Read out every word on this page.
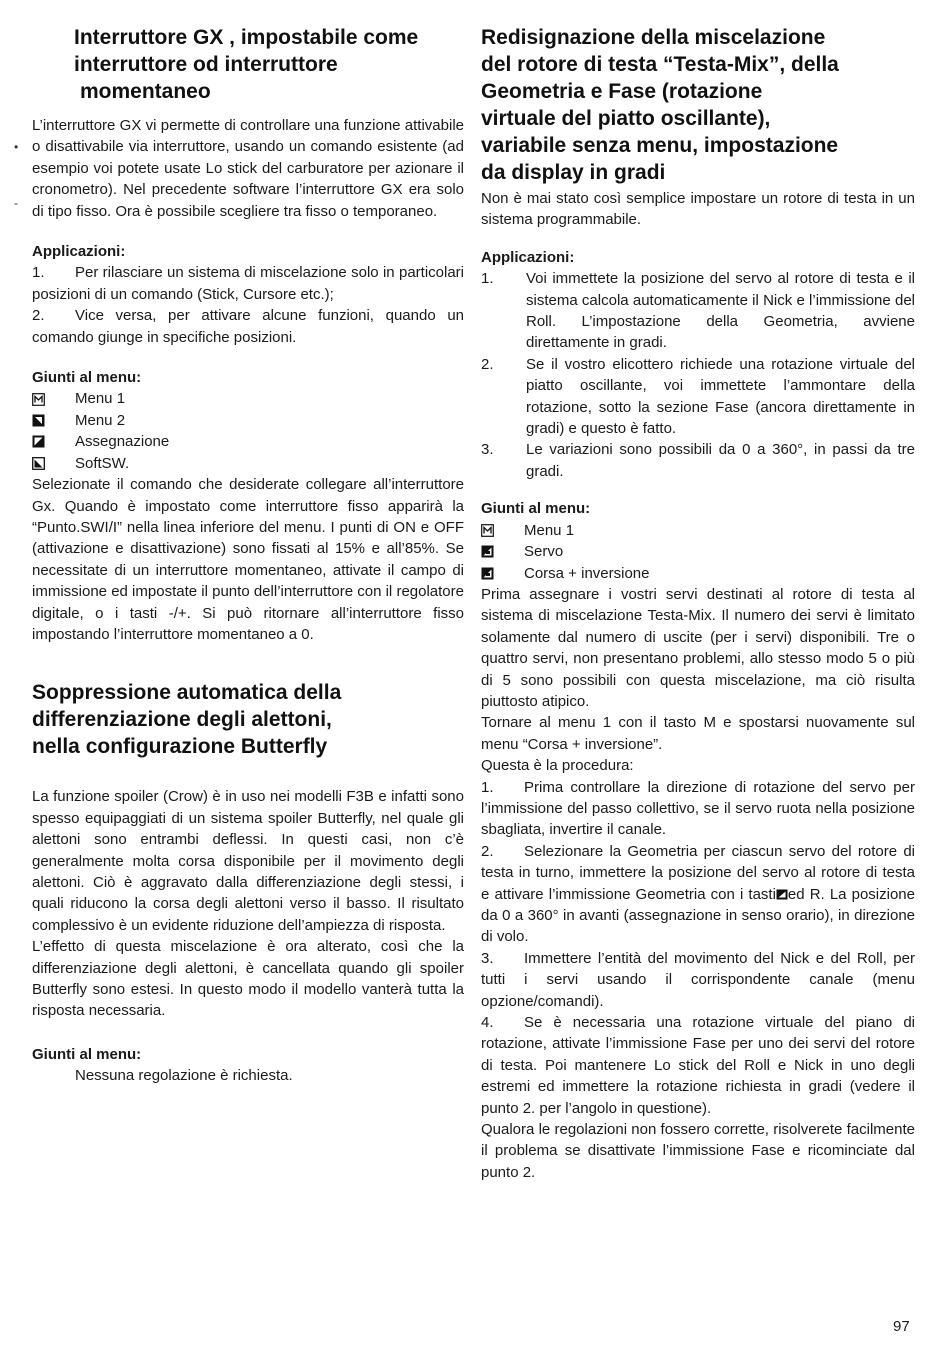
Interruttore GX , impostabile come
interruttore od interruttore
momentaneo

L’interruttore GX vi permette di controllare una funzione attivabile o disattivabile via interruttore, usando un comando esistente (ad esempio voi potete usate Lo stick del carburatore per azionare il cronometro). Nel precedente software l’interruttore GX era solo di tipo fisso. Ora è possibile scegliere tra fisso o temporaneo.

Applicazioni:
1. Per rilasciare un sistema di miscelazione solo in particolari posizioni di un comando (Stick, Cursore etc.);
2. Vice versa, per attivare alcune funzioni, quando un comando giunge in specifiche posizioni.
Giunti al menu:
Menu 1
Menu 2
Assegnazione
SoftSW.

Selezionate il comando che desiderate collegare all’interruttore Gx. Quando è impostato come interruttore fisso apparirà la “Punto.SWI/I” nella linea inferiore del menu. I punti di ON e OFF (attivazione e disattivazione) sono fissati al 15% e all’85%. Se necessitate di un interruttore momentaneo, attivate il campo di immissione ed impostate il punto dell’interruttore con il regolatore digitale, o i tasti -/+. Si può ritornare all’interruttore fisso impostando l’interruttore momentaneo a 0.

Soppressione automatica della
differenziazione degli alettoni,
nella configurazione Butterfly

La funzione spoiler (Crow) è in uso nei modelli F3B e infatti sono spesso equipaggiati di un sistema spoiler Butterfly, nel quale gli alettoni sono entrambi deflessi. In questi casi, non c’è generalmente molta corsa disponibile per il movimento degli alettoni. Ciò è aggravato dalla differenziazione degli stessi, i quali riducono la corsa degli alettoni verso il basso. Il risultato complessivo è un evidente riduzione dell’ampiezza di risposta.

L’effetto di questa miscelazione è ora alterato, così che la differenziazione degli alettoni, è cancellata quando gli spoiler Butterfly sono estesi. In questo modo il modello vanterà tutta la risposta necessaria.

Giunti al menu:
Nessuna regolazione è richiesta.
Redisignazione della miscelazione
del rotore di testa “Testa-Mix”, della
Geometria e Fase (rotazione
virtuale del piatto oscillante),
variabile senza menu, impostazione
da display in gradi

Non è mai stato così semplice impostare un rotore di testa in un sistema programmabile.

Applicazioni:
1.	Voi immettete la posizione del servo al rotore di testa e il sistema calcola automaticamente il Nick e l’immissione del Roll. L’impostazione della Geometria, avviene direttamente in gradi.
2.	Se il vostro elicottero richiede una rotazione virtuale del piatto oscillante, voi immettete l’ammontare della rotazione, sotto la sezione Fase (ancora direttamente in gradi) e questo è fatto.
3.	Le variazioni sono possibili da 0 a 360°, in passi da tre gradi.
Giunti al menu:
Menu 1
Servo
Corsa + inversione

Prima assegnare i vostri servi destinati al rotore di testa al sistema di miscelazione Testa-Mix. Il numero dei servi è limitato solamente dal numero di uscite (per i servi) disponibili. Tre o quattro servi, non presentano problemi, allo stesso modo 5 o più di 5 sono possibili con questa miscelazione, ma ciò risulta piuttosto atipico.

Tornare al menu 1 con il tasto M e spostarsi nuovamente sul menu “Corsa + inversione”.

Questa è la procedura:

1. Prima controllare la direzione di rotazione del servo per l’immissione del passo collettivo, se il servo ruota nella posizione sbagliata, invertire il canale.
2. Selezionare la Geometria per ciascun servo del rotore di testa in turno, immettere la posizione del servo al rotore di testa e attivare l’immissione Geometria con i tasti ed R. La posizione da 0 a 360° in avanti (assegnazione in senso orario), in direzione di volo.
3. Immettere l’entità del movimento del Nick e del Roll, per tutti i servi usando il corrispondente canale (menu opzione/comandi).
4. Se è necessaria una rotazione virtuale del piano di rotazione, attivate l’immissione Fase per uno dei servi del rotore di testa. Poi mantenere Lo stick del Roll e Nick in uno degli estremi ed immettere la rotazione richiesta in gradi (vedere il punto 2. per l’angolo in questione).

Qualora le regolazioni non fossero corrette, risolverete facilmente il problema se disattivate l’immissione Fase e ricominciate dal punto 2.

•
-
97
